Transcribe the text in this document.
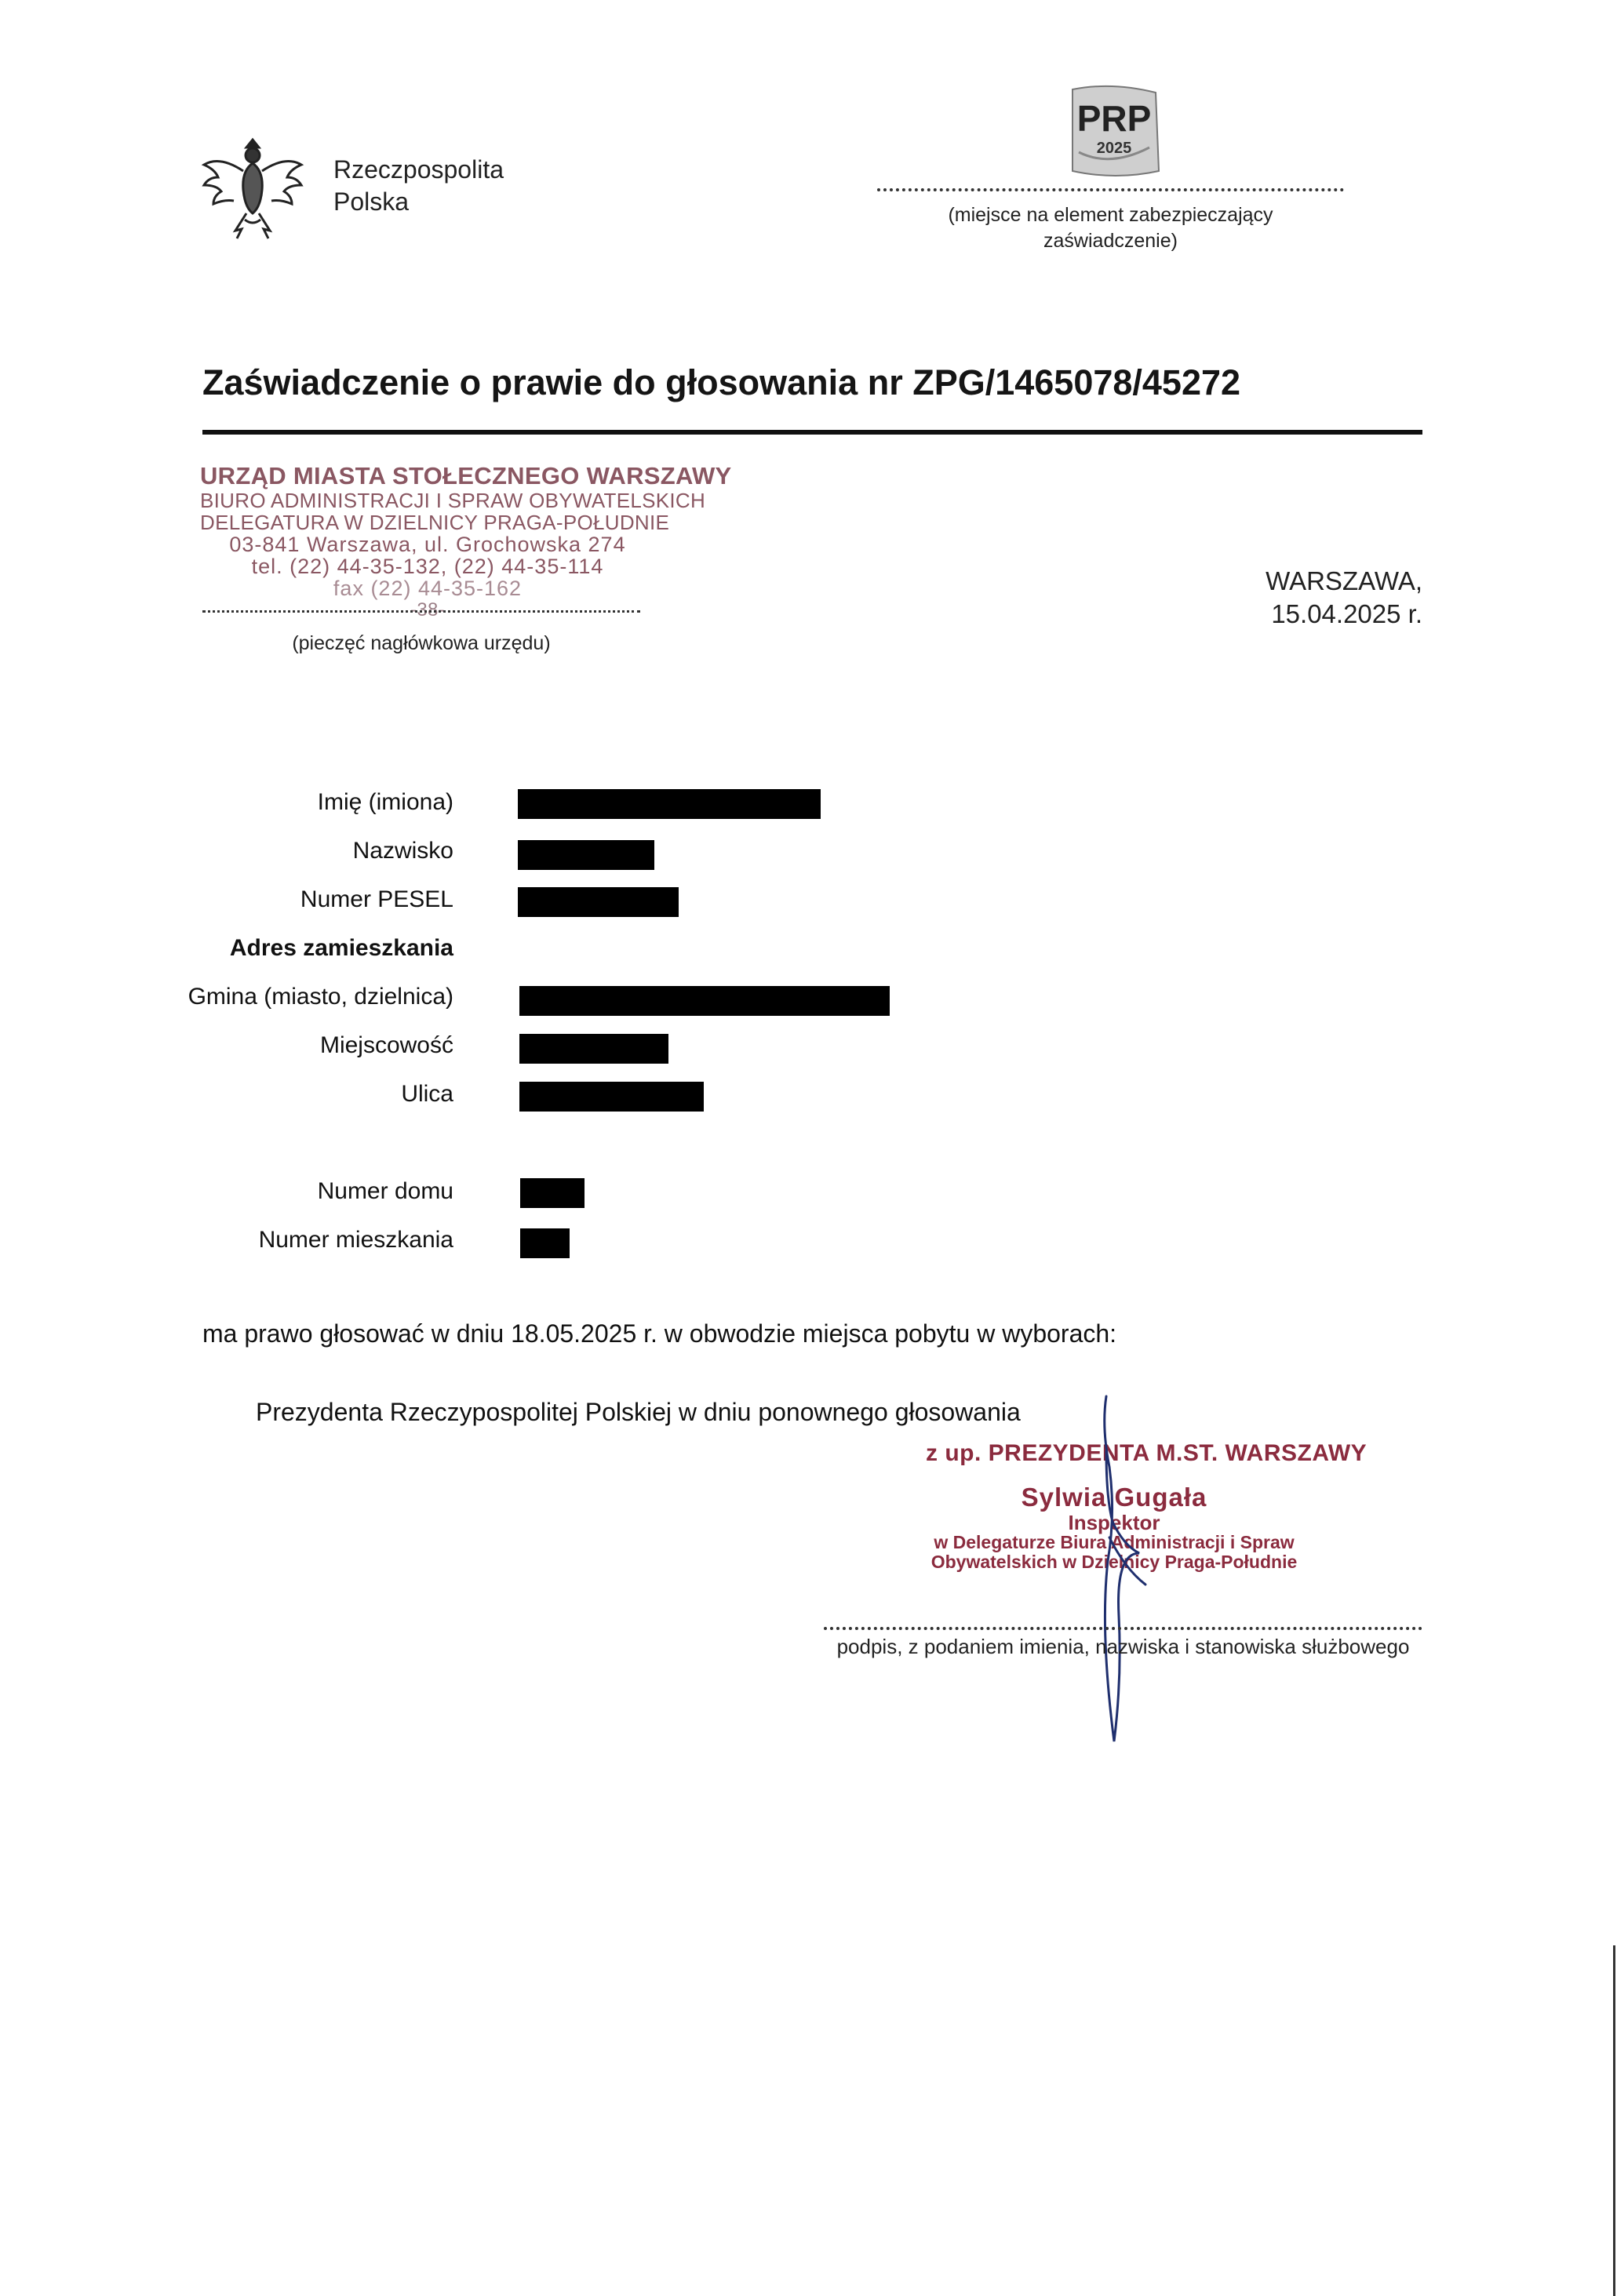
Rzeczpospolita
Polska
PRP
2025
(miejsce na element zabezpieczający
zaświadczenie)
Zaświadczenie o prawie do głosowania nr ZPG/1465078/45272
URZĄD MIASTA STOŁECZNEGO WARSZAWY
BIURO ADMINISTRACJI I SPRAW OBYWATELSKICH
DELEGATURA W DZIELNICY PRAGA-POŁUDNIE
03-841 Warszawa, ul. Grochowska 274
tel. (22) 44-35-132, (22) 44-35-114
fax (22) 44-35-162
-38-
(pieczęć nagłówkowa urzędu)
WARSZAWA,
15.04.2025 r.
Imię (imiona)
Nazwisko
Numer PESEL
Adres zamieszkania
Gmina (miasto, dzielnica)
Miejscowość
Ulica
Numer domu
Numer mieszkania
ma prawo głosować w dniu 18.05.2025 r. w obwodzie miejsca pobytu w wyborach:
Prezydenta Rzeczypospolitej Polskiej w dniu ponownego głosowania
z up. PREZYDENTA M.ST. WARSZAWY
Sylwia Gugała
Inspektor
w Delegaturze Biura Administracji i Spraw
Obywatelskich w Dzielnicy Praga-Południe
podpis, z podaniem imienia, nazwiska i stanowiska służbowego
